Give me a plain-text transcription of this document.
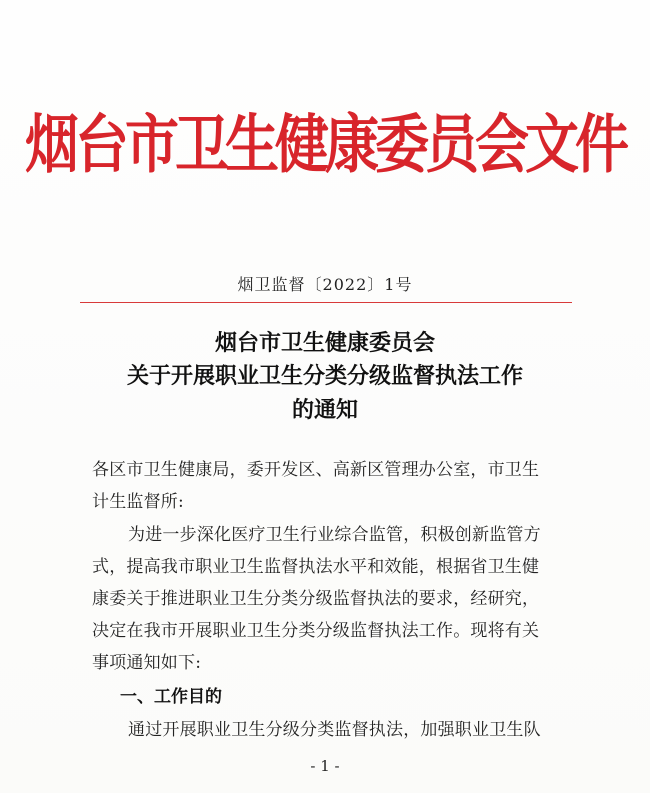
烟台市卫生健康委员会文件
烟卫监督〔2022〕1号
烟台市卫生健康委员会
关于开展职业卫生分类分级监督执法工作
的通知
各区市卫生健康局，委开发区、高新区管理办公室，市卫生
计生监督所:
为进一步深化医疗卫生行业综合监管，积极创新监管方
式，提高我市职业卫生监督执法水平和效能，根据省卫生健
康委关于推进职业卫生分类分级监督执法的要求，经研究，
决定在我市开展职业卫生分类分级监督执法工作。现将有关
事项通知如下:
一、工作目的
通过开展职业卫生分级分类监督执法，加强职业卫生队
- 1 -
